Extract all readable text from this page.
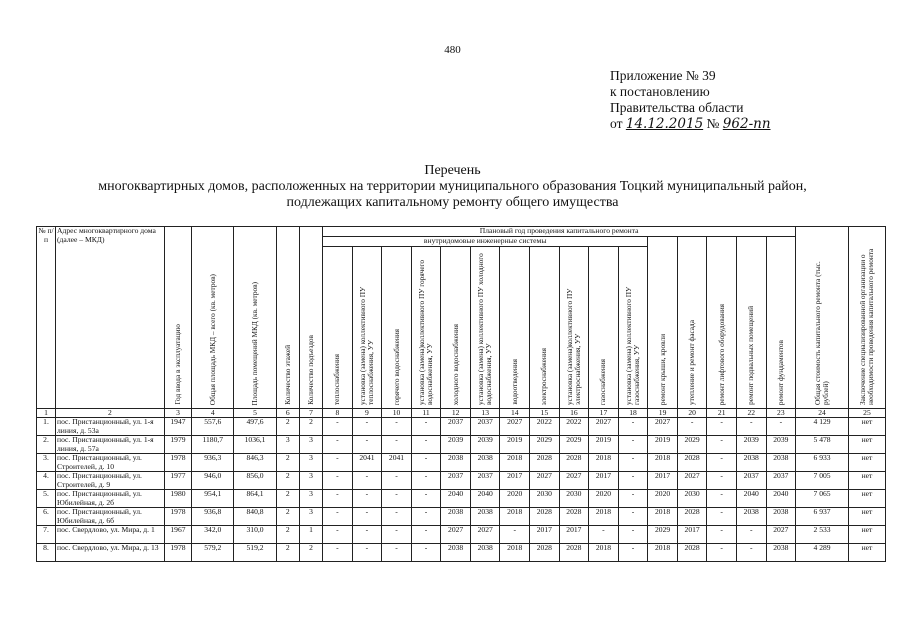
480
Приложение № 39
к постановлению
Правительства области
от 14.12.2015 № 962-пп
Перечень
многоквартирных домов, расположенных на территории муниципального образования Тоцкий муниципальный район,
подлежащих капитальному ремонту общего имущества
№ п/п	Адрес многоквартирного дома (далее – МКД)	Год ввода в эксплуатацию	Общая площадь МКД – всего (кв. метров)	Площадь помещений МКД (кв. метров)	Количество этажей	Количество подъездов	Плановый год проведения капитального ремонта																Общая стоимость капитального ремонта (тыс. рублей)	Заключение специализированной организации о необходимости проведения капитального ремонта
							внутридомовые инженерные системы											ремонт крыши, кровли	утепление и ремонт фасада	ремонт лифтового оборудования	ремонт подвальных помещений	ремонт фундаментов		
							теплоснабжения	установка (замена) коллективного ПУ теплоснабжения, УУ	горячего водоснабжения	установка (замена)коллективного ПУ горячего водоснабжения, УУ	холодного водоснабжения	установка (замена) коллективного ПУ холодного водоснабжения, УУ	водоотведения	электроснабжения	установка (замена)коллективного ПУ электроснабжения, УУ	газоснабжения	установка (замена) коллективного ПУ газоснабжения, УУ							
1	2	3	4	5	6	7	8	9	10	11	12	13	14	15	16	17	18	19	20	21	22	23	24	25
1.	пос. Пристанционный, ул. 1-я линия, д. 53а	1947	557,6	497,6	2	2	-	-	-	-	2037	2037	2027	2022	2022	2027	-	2027	-	-	-	-	4 129	нет
2.	пос. Пристанционный, ул. 1-я линия, д. 57а	1979	1180,7	1036,1	3	3	-	-	-	-	2039	2039	2019	2029	2029	2019	-	2019	2029	-	2039	2039	5 478	нет
3.	пос. Пристанционный, ул. Строителей, д. 10	1978	936,3	846,3	2	3	-	2041	2041	-	2038	2038	2018	2028	2028	2018	-	2018	2028	-	2038	2038	6 933	нет
4.	пос. Пристанционный, ул. Строителей, д. 9	1977	946,0	856,0	2	3	-	-	-	-	2037	2037	2017	2027	2027	2017	-	2017	2027	-	2037	2037	7 005	нет
5.	пос. Пристанционный, ул. Юбилейная, д. 2б	1980	954,1	864,1	2	3	-	-	-	-	2040	2040	2020	2030	2030	2020	-	2020	2030	-	2040	2040	7 065	нет
6.	пос. Пристанционный, ул. Юбилейная, д. 6б	1978	936,8	840,8	2	3	-	-	-	-	2038	2038	2018	2028	2028	2018	-	2018	2028	-	2038	2038	6 937	нет
7.	пос. Свердлово, ул. Мира, д. 1	1967	342,0	310,0	2	1	-	-	-	-	2027	2027	-	2017	2017	-	-	2029	2017	-	-	2027	2 533	нет
8.	пос. Свердлово, ул. Мира, д. 13	1978	579,2	519,2	2	2	-	-	-	-	2038	2038	2018	2028	2028	2018	-	2018	2028	-	-	2038	4 289	нет
